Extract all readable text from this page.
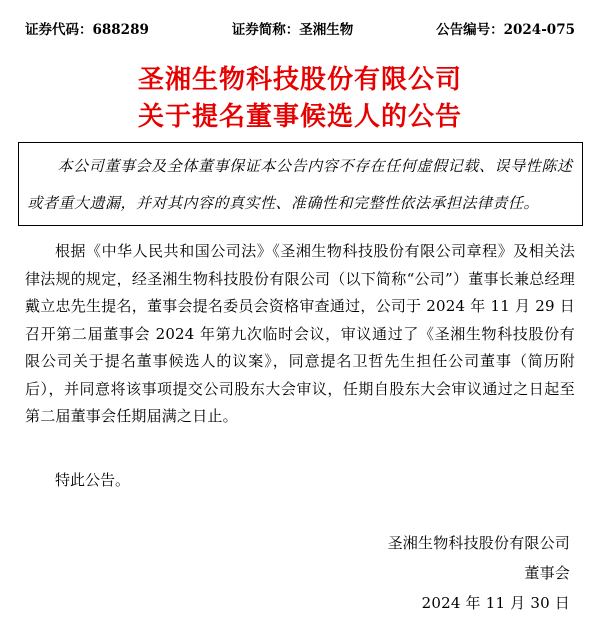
证券代码：688289	证券简称：圣湘生物	公告编号：2024-075
圣湘生物科技股份有限公司
关于提名董事候选人的公告
本公司董事会及全体董事保证本公告内容不存在任何虚假记载、误导性陈述或者重大遗漏，并对其内容的真实性、准确性和完整性依法承担法律责任。
根据《中华人民共和国公司法》《圣湘生物科技股份有限公司章程》及相关法律法规的规定，经圣湘生物科技股份有限公司（以下简称“公司”）董事长兼总经理戴立忠先生提名，董事会提名委员会资格审查通过，公司于 2024 年 11 月 29 日召开第二届董事会 2024 年第九次临时会议，审议通过了《圣湘生物科技股份有限公司关于提名董事候选人的议案》，同意提名卫哲先生担任公司董事（简历附后），并同意将该事项提交公司股东大会审议，任期自股东大会审议通过之日起至第二届董事会任期届满之日止。
特此公告。
圣湘生物科技股份有限公司
董事会
2024 年 11 月 30 日
